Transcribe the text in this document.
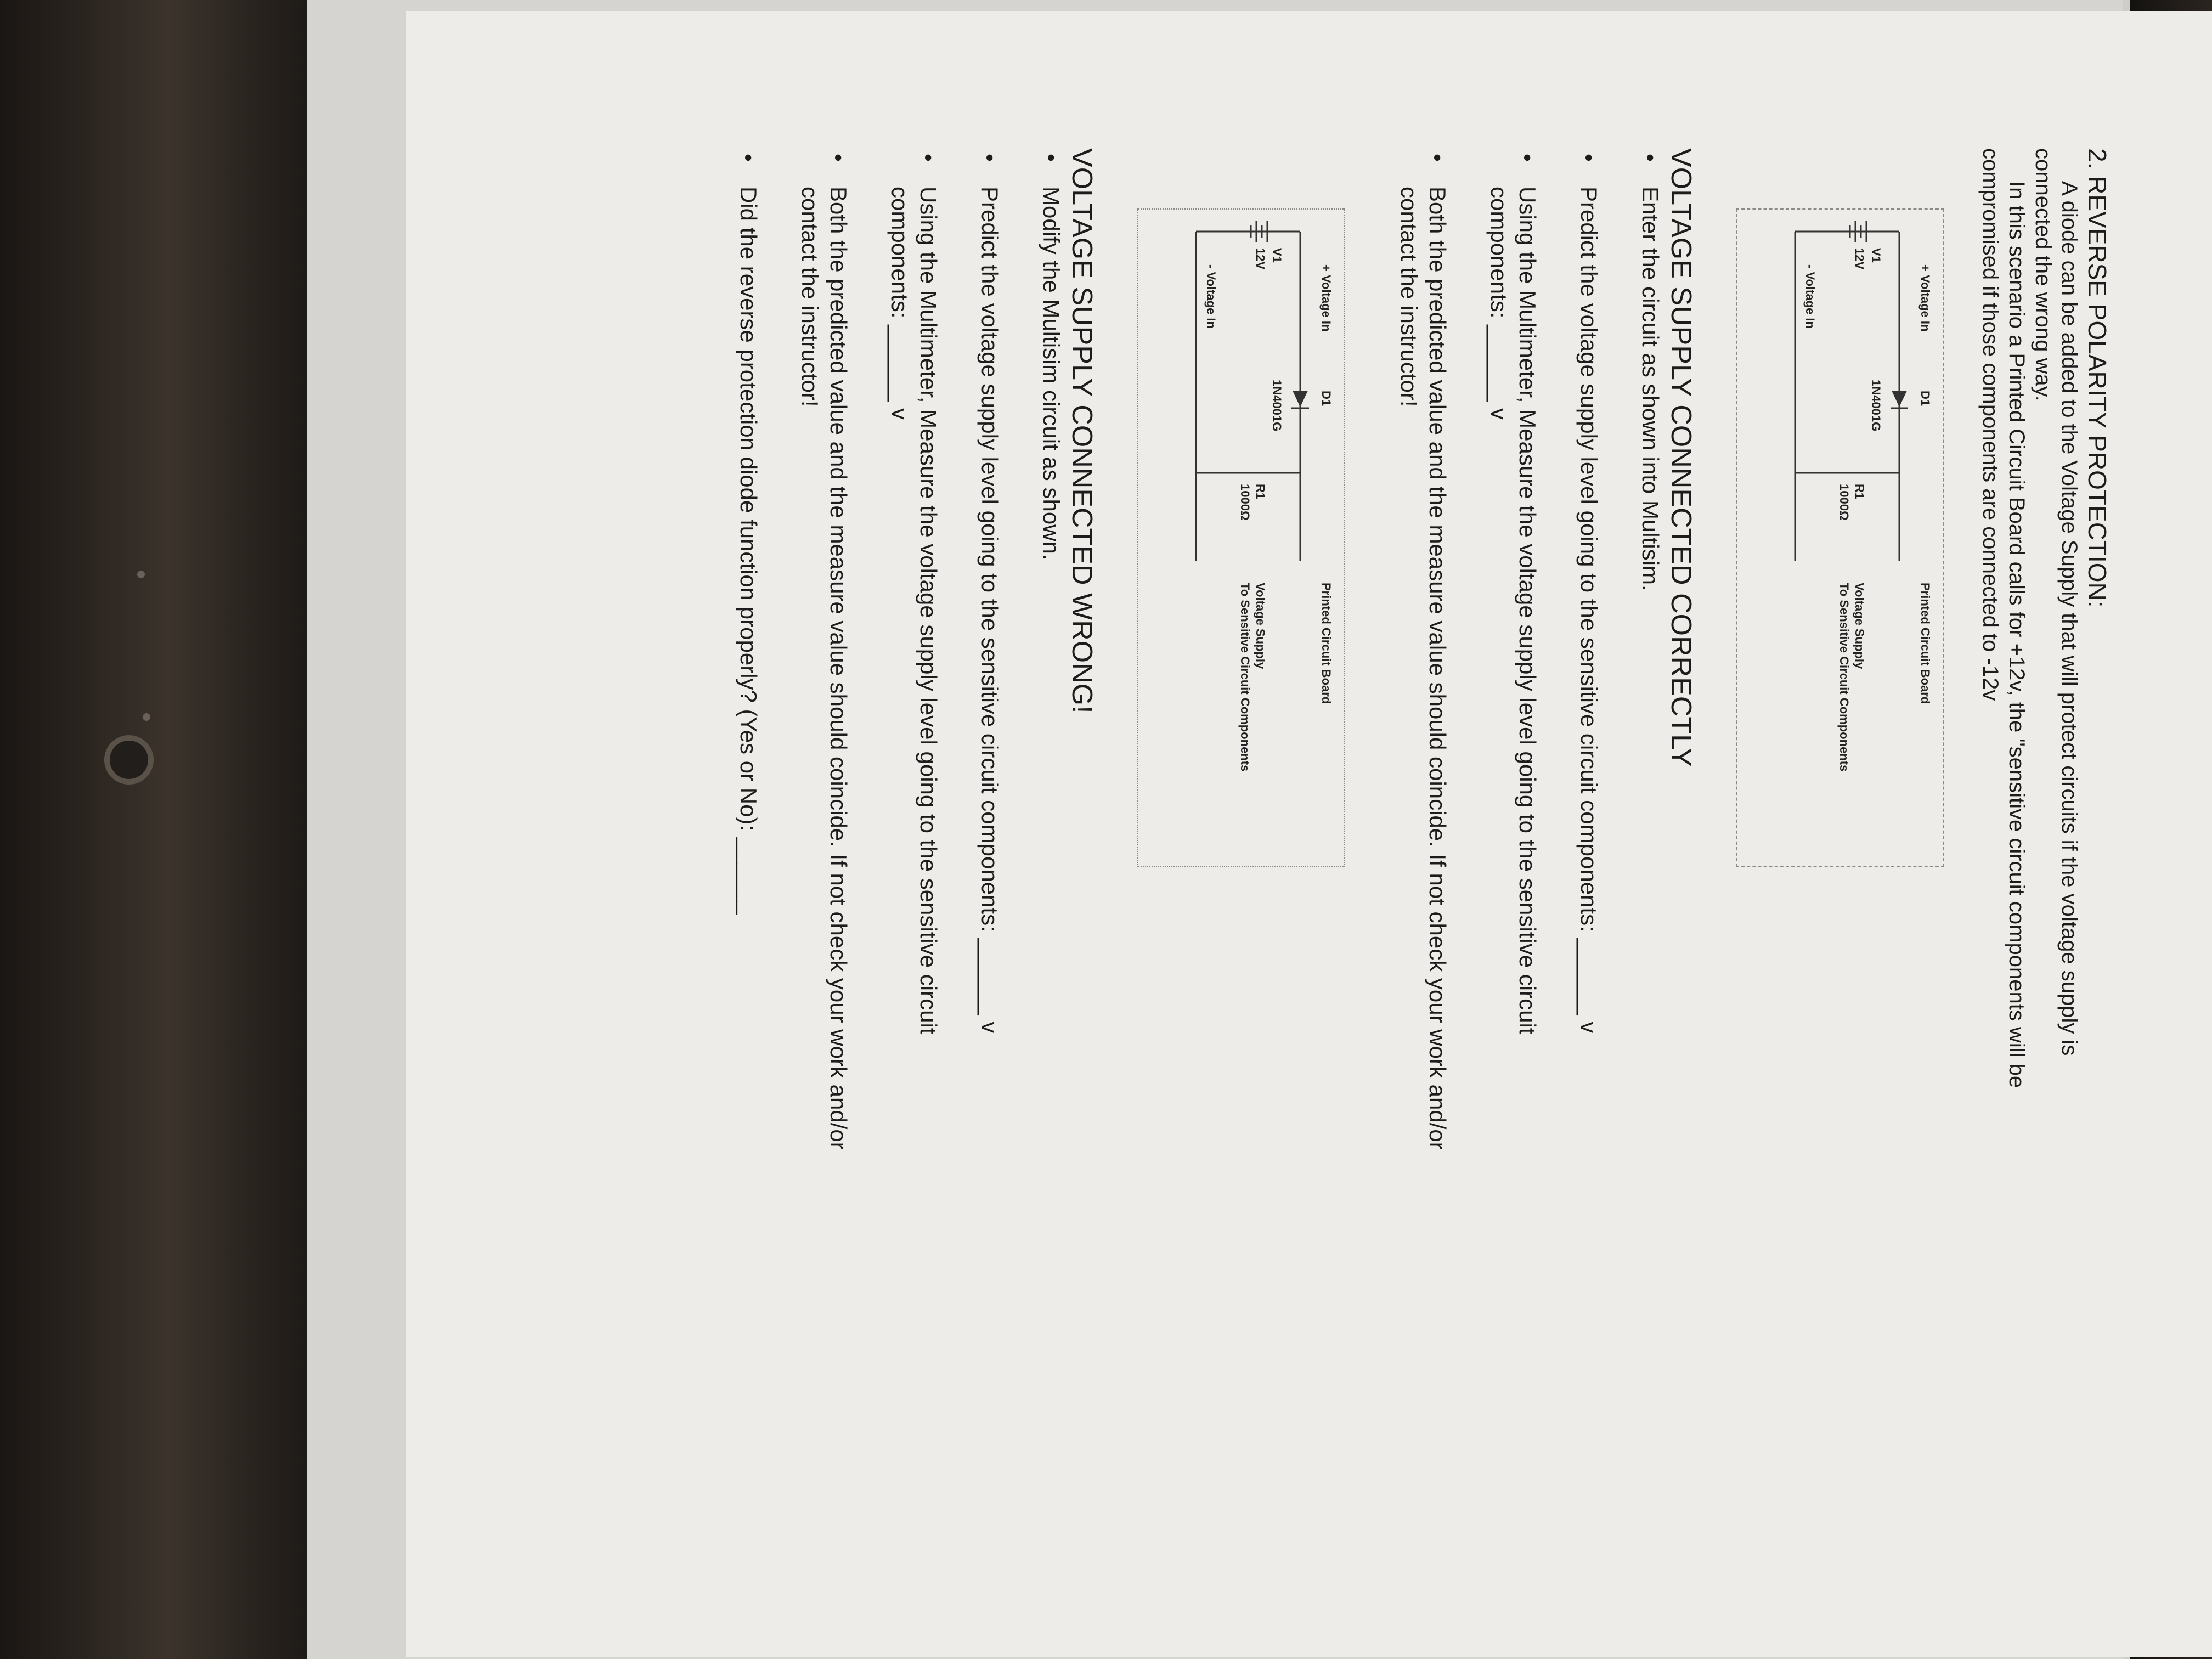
2. REVERSE POLARITY PROTECTION:

A diode can be added to the Voltage Supply that will protect circuits if the voltage supply is

connected the wrong way.

In this scenario a Printed Circuit Board calls for +12v, the "sensitive circuit components will be

compromised if those components are connected to -12v

V1
12V
+ Voltage In
- Voltage In
D1
1N4001G
R1
1000Ω
Printed Circuit Board
Voltage Supply
To Sensitive Circuit Components

VOLTAGE SUPPLY CONNECTED CORRECTLY

• Enter the circuit as shown into Multisim.
• Predict the voltage supply level going to the sensitive circuit components: ______ v
• Using the Multimeter, Measure the voltage supply level going to the sensitive circuit
components: ______ v
• Both the predicted value and the measure value should coincide. If not check your work and/or
contact the instructor!
V1
12V
+ Voltage In
- Voltage In
D1
1N4001G
R1
1000Ω
Printed Circuit Board
Voltage Supply
To Sensitive Circuit Components

VOLTAGE SUPPLY CONNECTED WRONG!

• Modify the Multisim circuit as shown.
• Predict the voltage supply level going to the sensitive circuit components: ______ v
• Using the Multimeter, Measure the voltage supply level going to the sensitive circuit
components: ______ v
• Both the predicted value and the measure value should coincide. If not check your work and/or
contact the instructor!
• Did the reverse protection diode function properly? (Yes or No): ______
